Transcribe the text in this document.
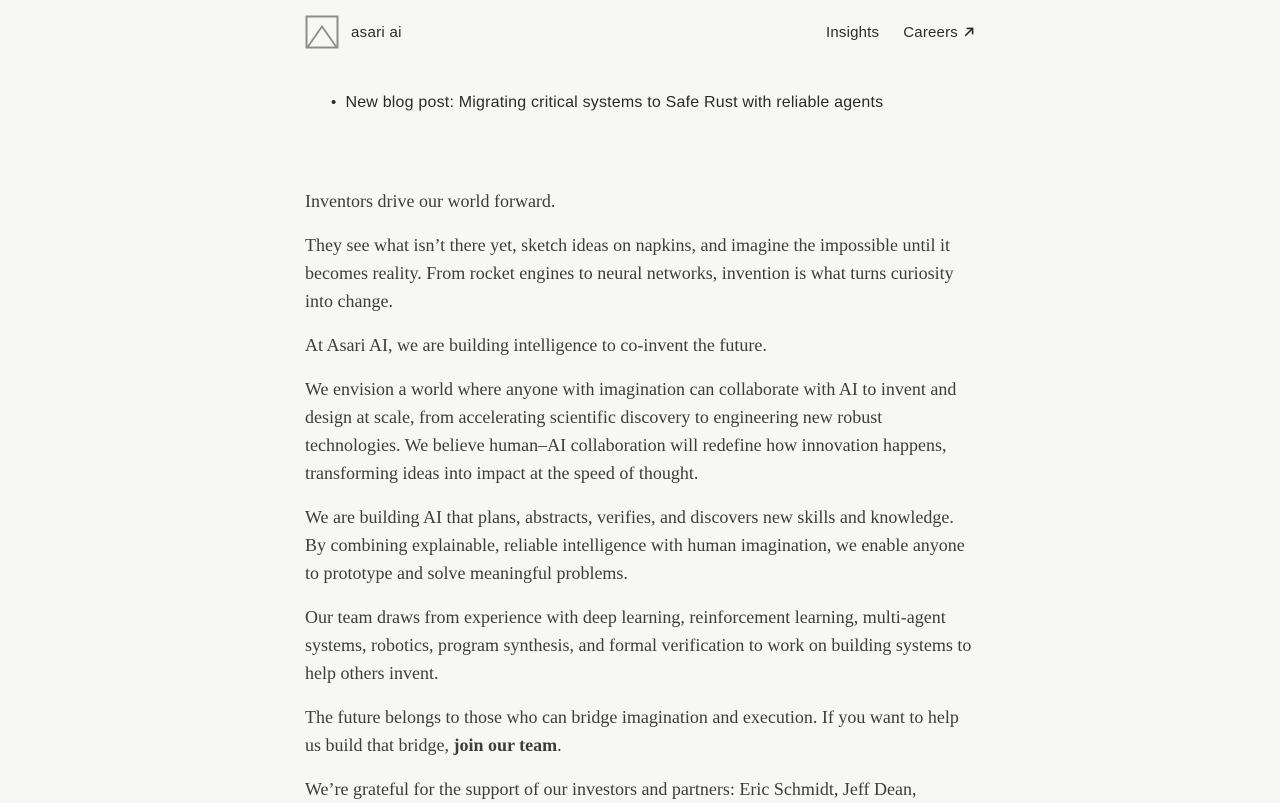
asari ai	Insights Careers
• New blog post: Migrating critical systems to Safe Rust with reliable agents

Inventors drive our world forward.

They see what isn’t there yet, sketch ideas on napkins, and imagine the impossible until it becomes reality. From rocket engines to neural networks, invention is what turns curiosity into change.

At Asari AI, we are building intelligence to co-invent the future.

We envision a world where anyone with imagination can collaborate with AI to invent and design at scale, from accelerating scientific discovery to engineering new robust technologies. We believe human–AI collaboration will redefine how innovation happens, transforming ideas into impact at the speed of thought.

We are building AI that plans, abstracts, verifies, and discovers new skills and knowledge. By combining explainable, reliable intelligence with human imagination, we enable anyone to prototype and solve meaningful problems.

Our team draws from experience with deep learning, reinforcement learning, multi-agent systems, robotics, program synthesis, and formal verification to work on building systems to help others invent.

The future belongs to those who can bridge imagination and execution. If you want to help us build that bridge, join our team.

We’re grateful for the support of our investors and partners: Eric Schmidt, Jeff Dean,
